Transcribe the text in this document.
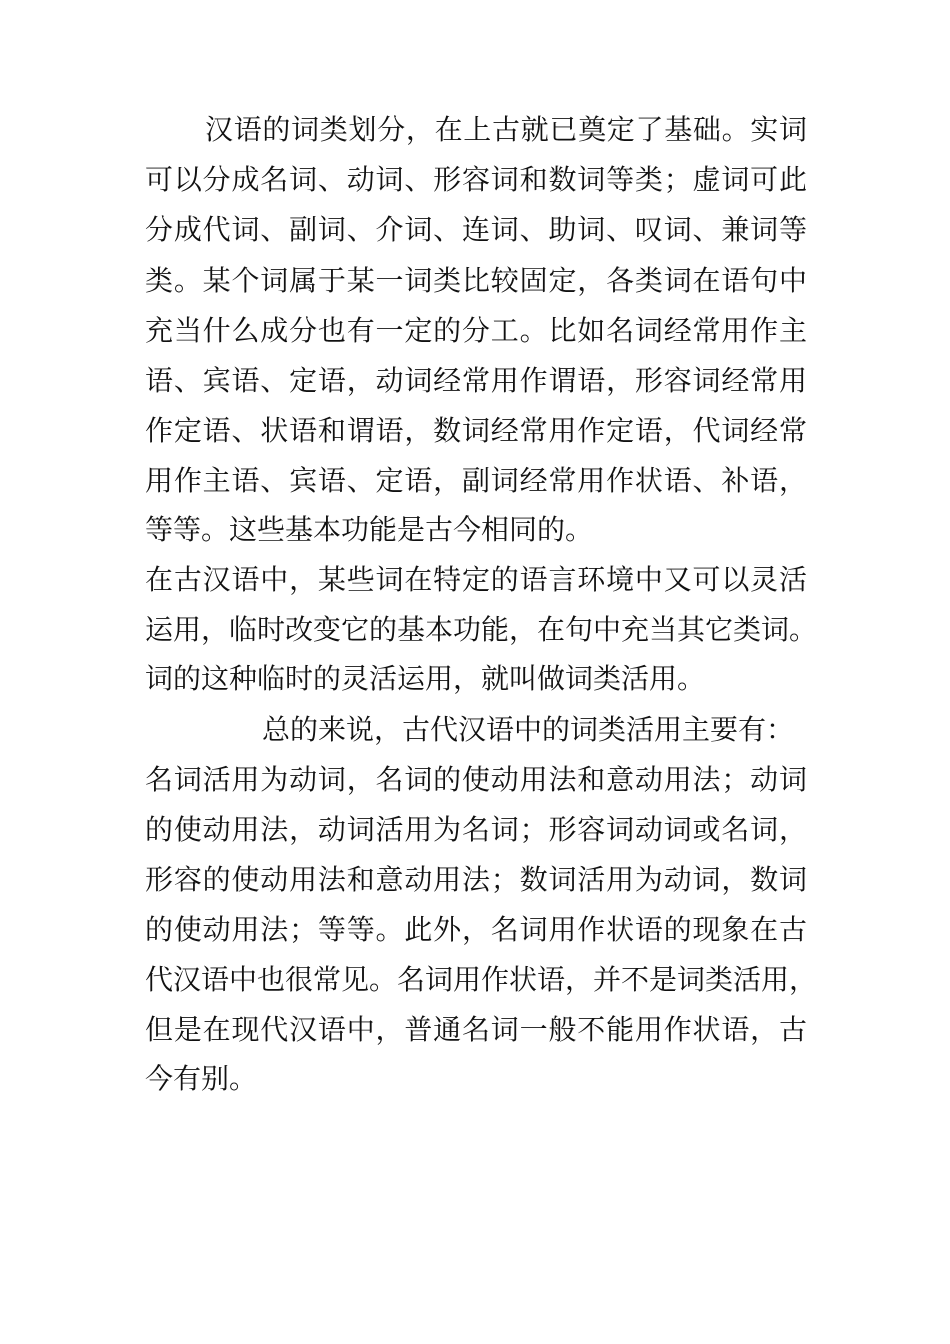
汉语的词类划分，在上古就已奠定了基础。实词
可以分成名词、动词、形容词和数词等类；虚词可此
分成代词、副词、介词、连词、助词、叹词、兼词等
类。某个词属于某一词类比较固定，各类词在语句中
充当什么成分也有一定的分工。比如名词经常用作主
语、宾语、定语，动词经常用作谓语，形容词经常用
作定语、状语和谓语，数词经常用作定语，代词经常
用作主语、宾语、定语，副词经常用作状语、补语，
等等。这些基本功能是古今相同的。
在古汉语中，某些词在特定的语言环境中又可以灵活
运用，临时改变它的基本功能，在句中充当其它类词。
词的这种临时的灵活运用，就叫做词类活用。
总的来说，古代汉语中的词类活用主要有：
名词活用为动词，名词的使动用法和意动用法；动词
的使动用法，动词活用为名词；形容词动词或名词，
形容的使动用法和意动用法；数词活用为动词，数词
的使动用法；等等。此外，名词用作状语的现象在古
代汉语中也很常见。名词用作状语，并不是词类活用，
但是在现代汉语中，普通名词一般不能用作状语，古
今有别。
